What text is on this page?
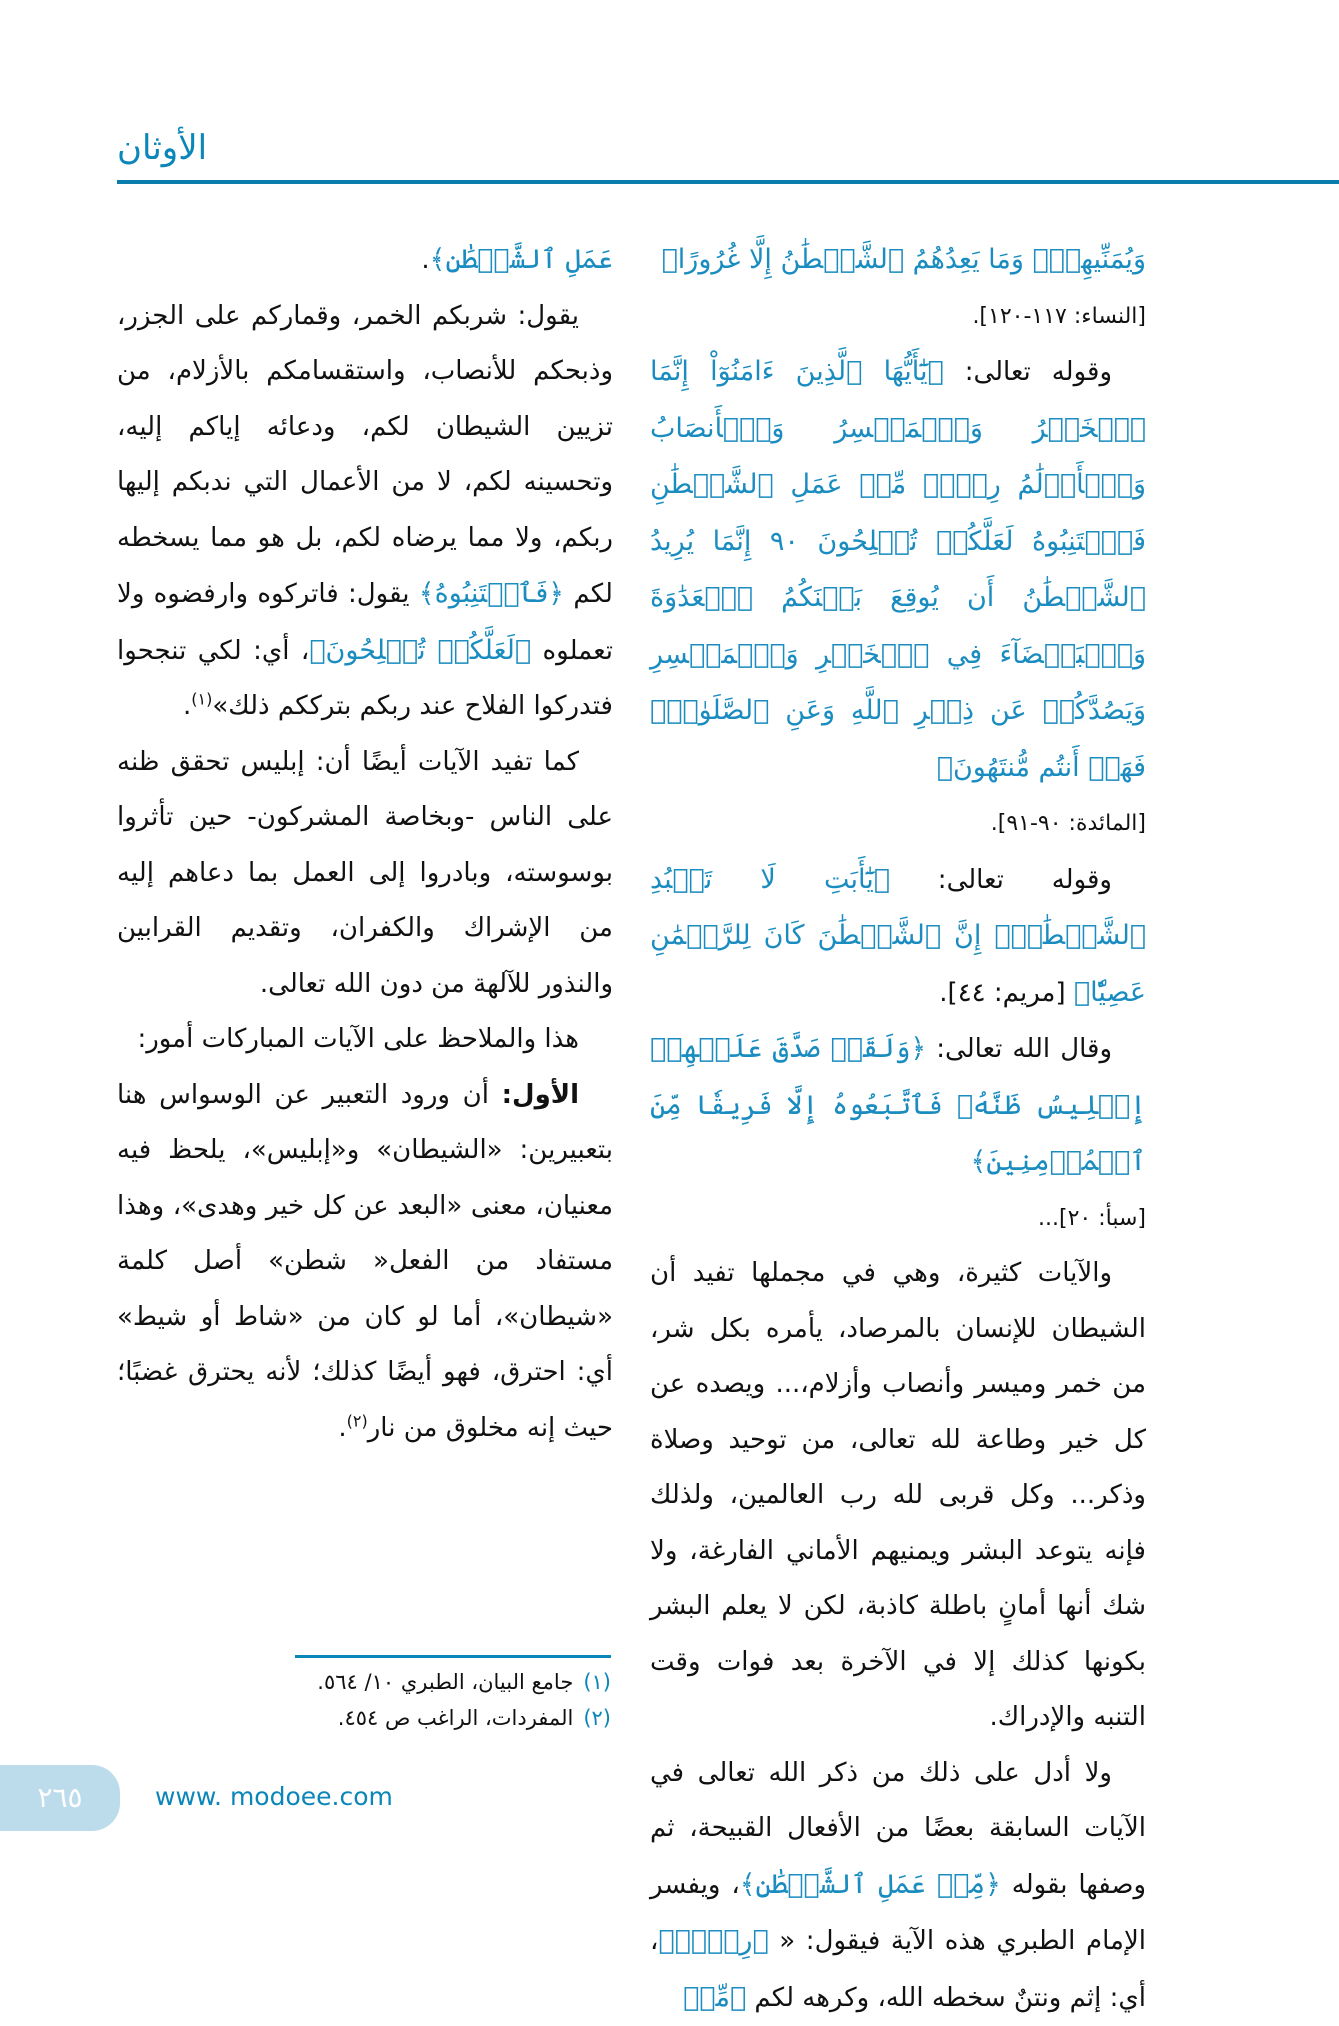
الأوثان

وَيُمَنِّيهِمۡۖ وَمَا يَعِدُهُمُ ٱلشَّيۡطَٰنُ إِلَّا غُرُورًا﴾

[النساء: ١١٧-١٢٠].

وقوله تعالى: ﴿يَٰٓأَيُّهَا ٱلَّذِينَ ءَامَنُوٓاْ إِنَّمَا ٱلۡخَمۡرُ وَٱلۡمَيۡسِرُ وَٱلۡأَنصَابُ وَٱلۡأَزۡلَٰمُ رِجۡسٞ مِّنۡ عَمَلِ ٱلشَّيۡطَٰنِ فَٱجۡتَنِبُوهُ لَعَلَّكُمۡ تُفۡلِحُونَ ٩٠ إِنَّمَا يُرِيدُ ٱلشَّيۡطَٰنُ أَن يُوقِعَ بَيۡنَكُمُ ٱلۡعَدَٰوَةَ وَٱلۡبَغۡضَآءَ فِي ٱلۡخَمۡرِ وَٱلۡمَيۡسِرِ وَيَصُدَّكُمۡ عَن ذِكۡرِ ٱللَّهِ وَعَنِ ٱلصَّلَوٰةِۖ فَهَلۡ أَنتُم مُّنتَهُونَ﴾

[المائدة: ٩٠-٩١].

وقوله تعالى: ﴿يَٰٓأَبَتِ لَا تَعۡبُدِ ٱلشَّيۡطَٰنَۖ إِنَّ ٱلشَّيۡطَٰنَ كَانَ لِلرَّحۡمَٰنِ عَصِيّٗا﴾ [مريم: ٤٤].

وقال الله تعالى: ﴿وَلَقَدۡ صَدَّقَ عَلَيۡهِمۡ إِبۡلِيسُ ظَنَّهُۥ فَٱتَّبَعُوهُ إِلَّا فَرِيقٗا مِّنَ ٱلۡمُؤۡمِنِينَ﴾

[سبأ: ٢٠]...

والآيات كثيرة، وهي في مجملها تفيد أن الشيطان للإنسان بالمرصاد، يأمره بكل شر، من خمر وميسر وأنصاب وأزلام،... ويصده عن كل خير وطاعة لله تعالى، من توحيد وصلاة وذكر... وكل قربى لله رب العالمين، ولذلك فإنه يتوعد البشر ويمنيهم الأماني الفارغة، ولا شك أنها أمانٍ باطلة كاذبة، لكن لا يعلم البشر بكونها كذلك إلا في الآخرة بعد فوات وقت التنبه والإدراك.

ولا أدل على ذلك من ذكر الله تعالى في الآيات السابقة بعضًا من الأفعال القبيحة، ثم وصفها بقوله ﴿مِّنۡ عَمَلِ ٱلشَّيۡطَٰنِ﴾، ويفسر الإمام الطبري هذه الآية فيقول: « ﴿رِجۡسٞ﴾، أي: إثم ونتنٌ سخطه الله، وكرهه لكم ﴿مِّنۡ

عَمَلِ ٱلشَّيۡطَٰنِ﴾.

يقول: شربكم الخمر، وقماركم على الجزر، وذبحكم للأنصاب، واستقسامكم بالأزلام، من تزيين الشيطان لكم، ودعائه إياكم إليه، وتحسينه لكم، لا من الأعمال التي ندبكم إليها ربكم، ولا مما يرضاه لكم، بل هو مما يسخطه لكم ﴿فَٱجۡتَنِبُوهُ﴾ يقول: فاتركوه وارفضوه ولا تعملوه ﴿لَعَلَّكُمۡ تُفۡلِحُونَ﴾، أي: لكي تنجحوا فتدركوا الفلاح عند ربكم بترككم ذلك»$^{(١)}$.

كما تفيد الآيات أيضًا أن: إبليس تحقق ظنه على الناس -وبخاصة المشركون- حين تأثروا بوسوسته، وبادروا إلى العمل بما دعاهم إليه من الإشراك والكفران، وتقديم القرابين والنذور للآلهة من دون الله تعالى.

هذا والملاحظ على الآيات المباركات أمور:

الأول: أن ورود التعبير عن الوسواس هنا بتعبيرين: «الشيطان» و«إبليس»، يلحظ فيه معنيان، معنى «البعد عن كل خير وهدى»، وهذا مستفاد من الفعل« شطن» أصل كلمة «شيطان»، أما لو كان من «شاط أو شيط» أي: احترق، فهو أيضًا كذلك؛ لأنه يحترق غضبًا؛ حيث إنه مخلوق من نار$^{(٢)}$.

(١)جامع البيان، الطبري ١٠/ ٥٦٤.
(٢)المفردات، الراغب ص ٤٥٤.
٢٦٥	www. modoee.com
